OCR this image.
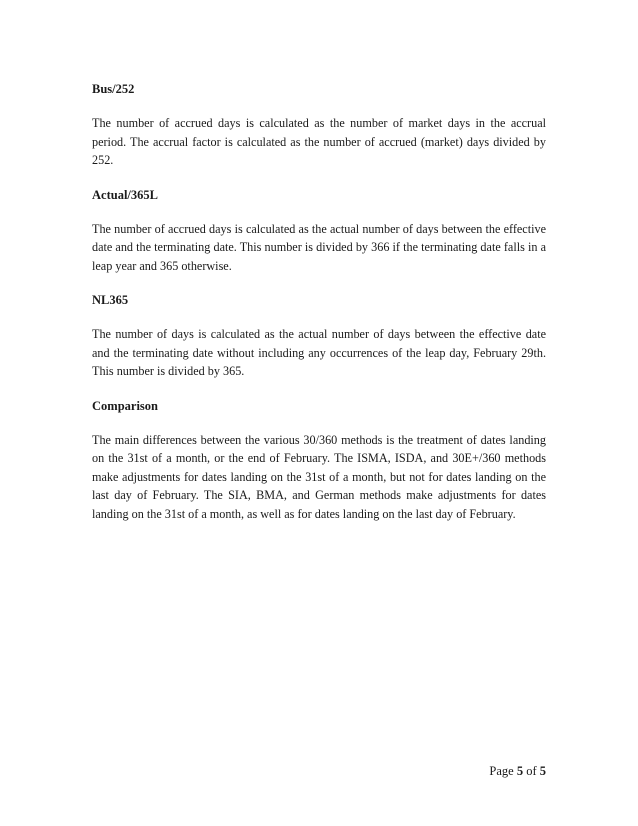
Bus/252

The number of accrued days is calculated as the number of market days in the accrual period. The accrual factor is calculated as the number of accrued (market) days divided by 252.

Actual/365L

The number of accrued days is calculated as the actual number of days between the effective date and the terminating date. This number is divided by 366 if the terminating date falls in a leap year and 365 otherwise.

NL365

The number of days is calculated as the actual number of days between the effective date and the terminating date without including any occurrences of the leap day, February 29th. This number is divided by 365.

Comparison

The main differences between the various 30/360 methods is the treatment of dates landing on the 31st of a month, or the end of February. The ISMA, ISDA, and 30E+/360 methods make adjustments for dates landing on the 31st of a month, but not for dates landing on the last day of February. The SIA, BMA, and German methods make adjustments for dates landing on the 31st of a month, as well as for dates landing on the last day of February.

Page 5 of 5
